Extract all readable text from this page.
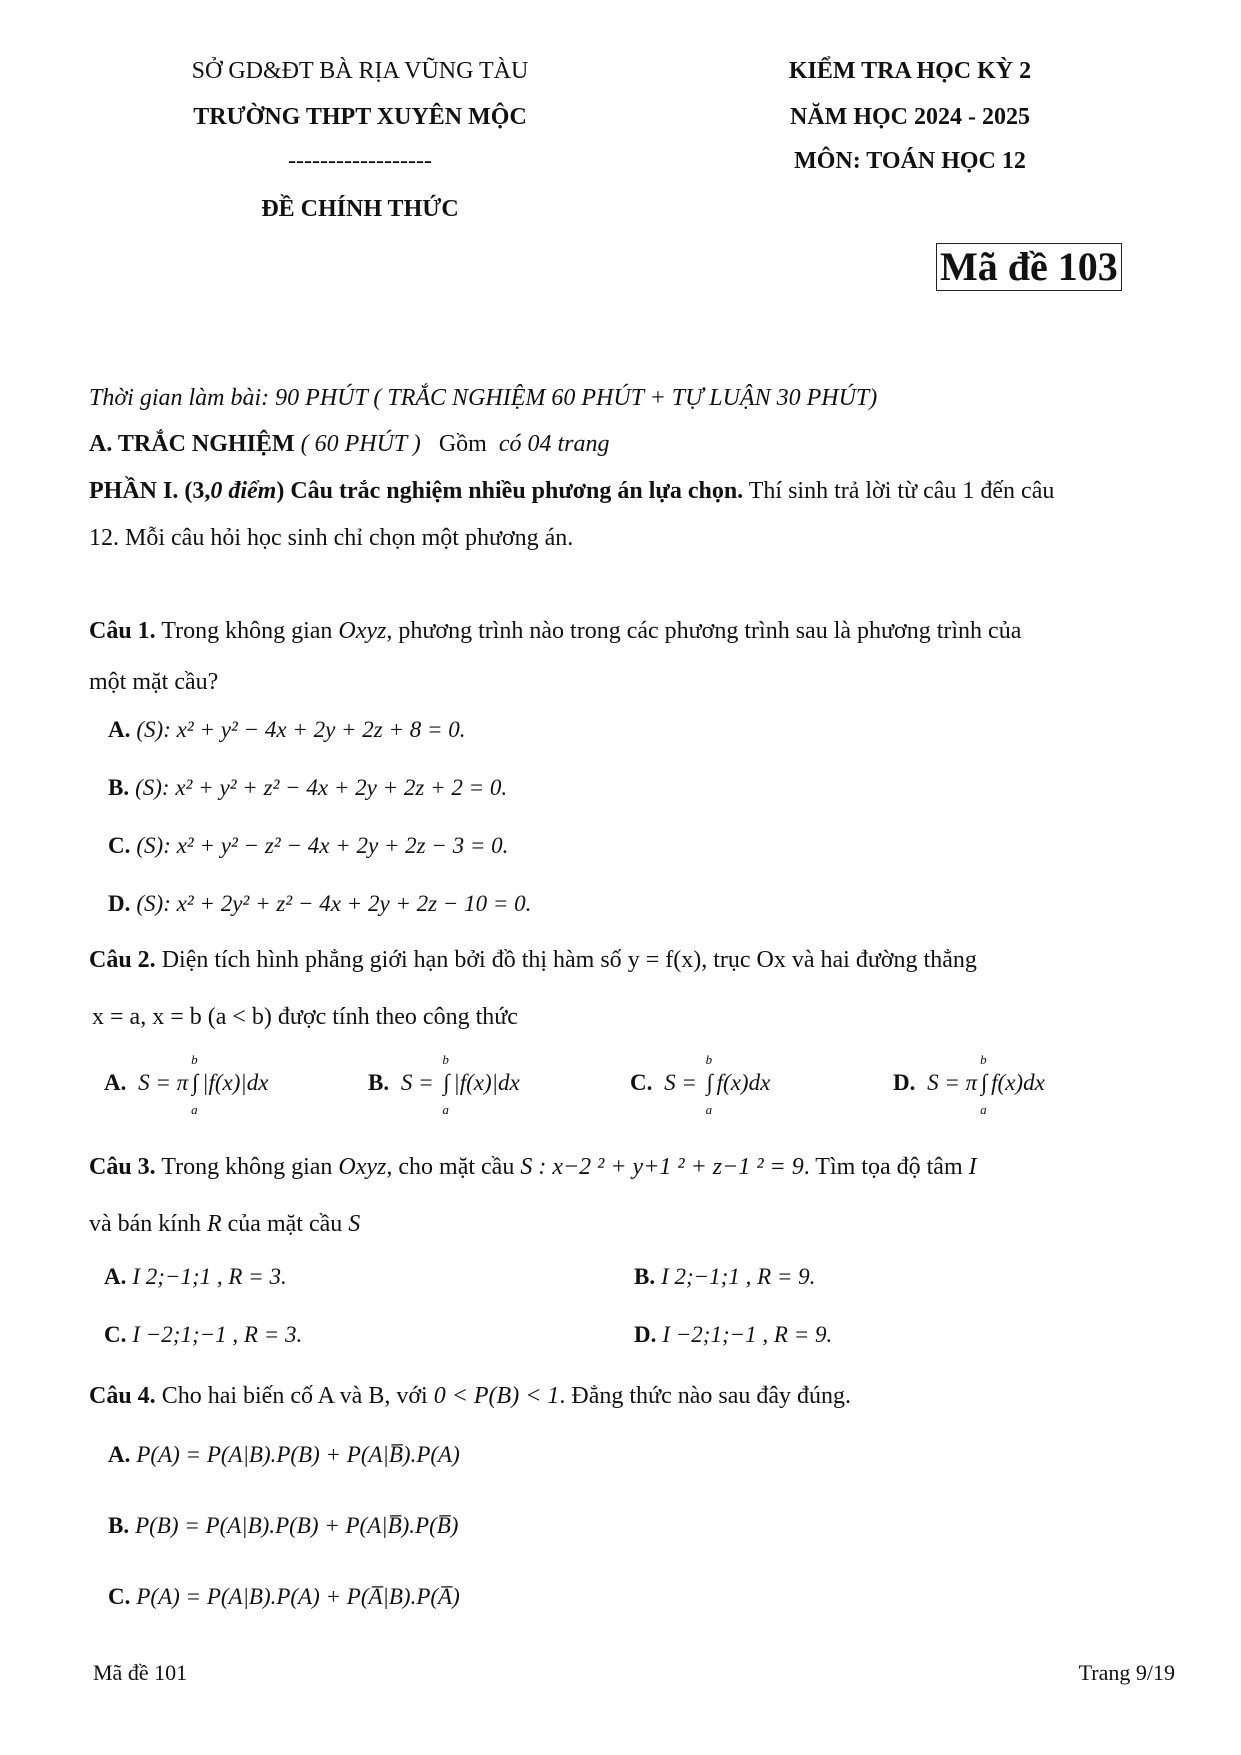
SỞ GD&ĐT BÀ RỊA VŨNG TÀU
TRƯỜNG THPT XUYÊN MỘC
------------------
ĐỀ CHÍNH THỨC
KIỂM TRA HỌC KỲ 2
NĂM HỌC 2024 - 2025
MÔN: TOÁN HỌC 12
Mã đề 103
Thời gian làm bài: 90 PHÚT ( TRẮC NGHIỆM 60 PHÚT + TỰ LUẬN 30 PHÚT)
A. TRẮC NGHIỆM ( 60 PHÚT ) Gồm có 04 trang
PHẦN I. (3,0 điểm) Câu trắc nghiệm nhiều phương án lựa chọn. Thí sinh trả lời từ câu 1 đến câu
12. Mỗi câu hỏi học sinh chỉ chọn một phương án.
Câu 1. Trong không gian Oxyz, phương trình nào trong các phương trình sau là phương trình của
một mặt cầu?
A. (S): x² + y² − 4x + 2y + 2z + 8 = 0.
B. (S): x² + y² + z² − 4x + 2y + 2z + 2 = 0.
C. (S): x² + y² − z² − 4x + 2y + 2z − 3 = 0.
D. (S): x² + 2y² + z² − 4x + 2y + 2z − 10 = 0.
Câu 2. Diện tích hình phẳng giới hạn bởi đồ thị hàm số y = f(x), trục Ox và hai đường thẳng
x = a, x = b (a < b) được tính theo công thức
A. S = π ∫
b
a
|f(x)|dx	B. S = ∫
b
a
|f(x)|dx	C. S = ∫
b
a
f(x)dx	D. S = π ∫
b
a
f(x)dx
Câu 3. Trong không gian Oxyz, cho mặt cầu S : x−2 ² + y+1 ² + z−1 ² = 9. Tìm tọa độ tâm I
và bán kính R của mặt cầu S
A. I 2;−1;1 , R = 3.	B. I 2;−1;1 , R = 9.
C. I −2;1;−1 , R = 3.	D. I −2;1;−1 , R = 9.
Câu 4. Cho hai biến cố A và B, với 0 < P(B) < 1. Đẳng thức nào sau đây đúng.
A. P(A) = P(A|B).P(B) + P(A|B̅).P(A)
B. P(B) = P(A|B).P(B) + P(A|B̅).P(B̅)
C. P(A) = P(A|B).P(A) + P(A̅|B).P(A̅)
Mã đề 101	Trang 9/19
